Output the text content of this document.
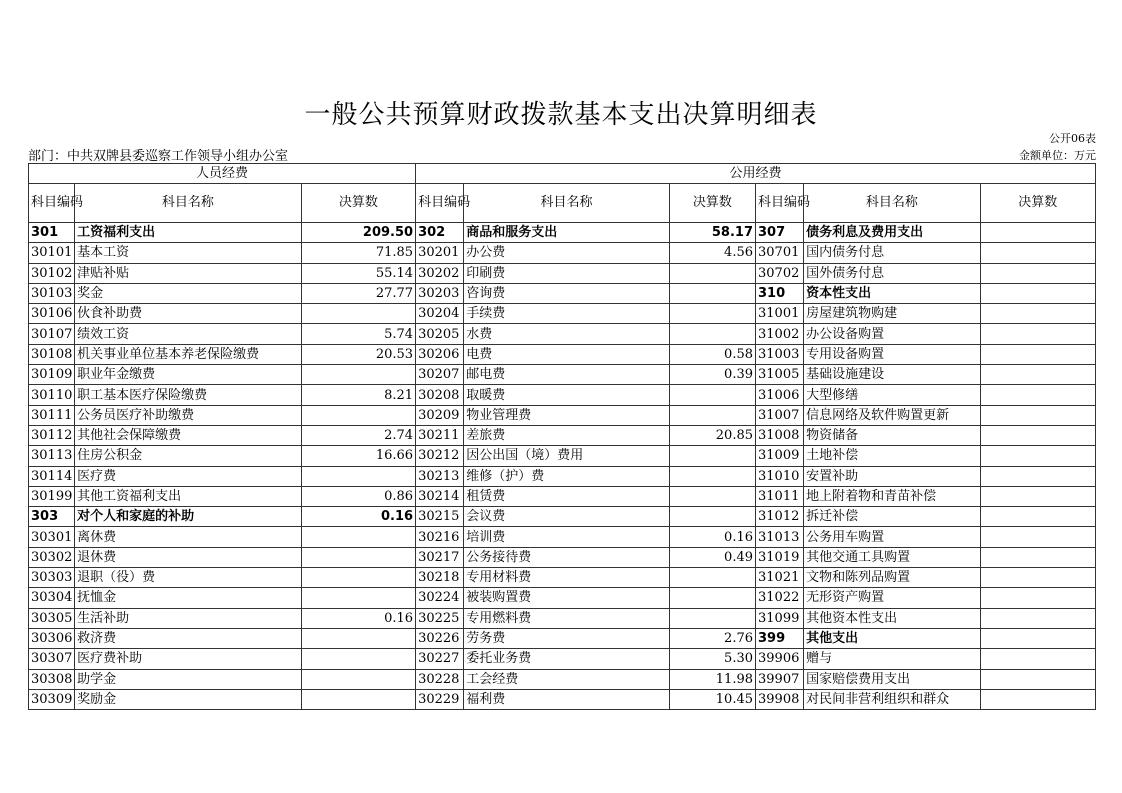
一般公共预算财政拨款基本支出决算明细表
公开06表
部门：中共双牌县委巡察工作领导小组办公室	金额单位：万元
人员经费			公用经费					
科目编码	科目名称	决算数	科目编码	科目名称	决算数	科目编码	科目名称	决算数
301	工资福利支出	209.50	302	商品和服务支出	58.17	307	债务利息及费用支出	
30101	基本工资	71.85	30201	办公费	4.56	30701	国内债务付息	
30102	津贴补贴	55.14	30202	印刷费		30702	国外债务付息	
30103	奖金	27.77	30203	咨询费		310	资本性支出	
30106	伙食补助费		30204	手续费		31001	房屋建筑物购建	
30107	绩效工资	5.74	30205	水费		31002	办公设备购置	
30108	机关事业单位基本养老保险缴费	20.53	30206	电费	0.58	31003	专用设备购置	
30109	职业年金缴费		30207	邮电费	0.39	31005	基础设施建设	
30110	职工基本医疗保险缴费	8.21	30208	取暖费		31006	大型修缮	
30111	公务员医疗补助缴费		30209	物业管理费		31007	信息网络及软件购置更新	
30112	其他社会保障缴费	2.74	30211	差旅费	20.85	31008	物资储备	
30113	住房公积金	16.66	30212	因公出国（境）费用		31009	土地补偿	
30114	医疗费		30213	维修（护）费		31010	安置补助	
30199	其他工资福利支出	0.86	30214	租赁费		31011	地上附着物和青苗补偿	
303	对个人和家庭的补助	0.16	30215	会议费		31012	拆迁补偿	
30301	离休费		30216	培训费	0.16	31013	公务用车购置	
30302	退休费		30217	公务接待费	0.49	31019	其他交通工具购置	
30303	退职（役）费		30218	专用材料费		31021	文物和陈列品购置	
30304	抚恤金		30224	被装购置费		31022	无形资产购置	
30305	生活补助	0.16	30225	专用燃料费		31099	其他资本性支出	
30306	救济费		30226	劳务费	2.76	399	其他支出	
30307	医疗费补助		30227	委托业务费	5.30	39906	赠与	
30308	助学金		30228	工会经费	11.98	39907	国家赔偿费用支出	
30309	奖励金		30229	福利费	10.45	39908	对民间非营利组织和群众	
